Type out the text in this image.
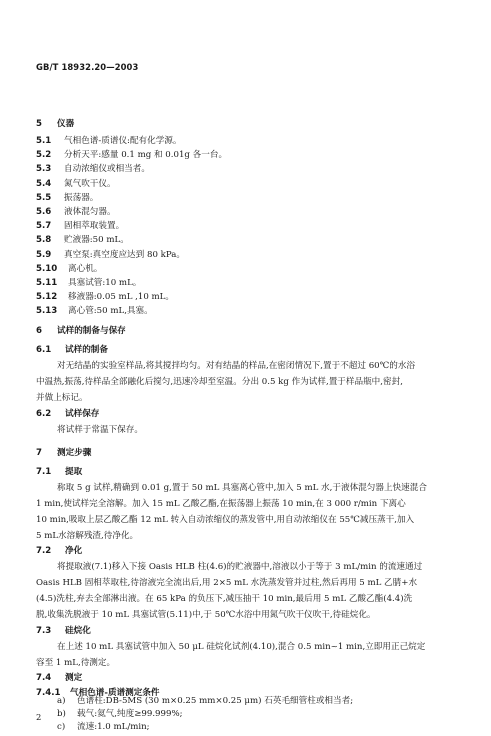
GB/T 18932.20—2003
5 仪器
5.1 气相色谱-质谱仪:配有化学源。
5.2 分析天平:感量 0.1 mg 和 0.01g 各一台。
5.3 自动浓缩仪或相当者。
5.4 氮气吹干仪。
5.5 振荡器。
5.6 液体混匀器。
5.7 固相萃取装置。
5.8 贮液器:50 mL。
5.9 真空泵:真空度应达到 80 kPa。
5.10 离心机。
5.11 具塞试管:10 mL。
5.12 移液器:0.05 mL ,10 mL。
5.13 离心管:50 mL,具塞。
6 试样的制备与保存
6.1 试样的制备
对无结晶的实验室样品,将其搅拌均匀。对有结晶的样品,在密闭情况下,置于不超过 60℃的水浴
中温热,振荡,待样品全部融化后搅匀,迅速冷却至室温。分出 0.5 kg 作为试样,置于样品瓶中,密封,
并做上标记。
6.2 试样保存
将试样于常温下保存。
7 测定步骤
7.1 提取
称取 5 g 试样,精确到 0.01 g,置于 50 mL 具塞离心管中,加入 5 mL 水,于液体混匀器上快速混合
1 min,使试样完全溶解。加入 15 mL 乙酸乙酯,在振荡器上振荡 10 min,在 3 000 r/min 下离心
10 min,吸取上层乙酸乙酯 12 mL 转入自动浓缩仪的蒸发管中,用自动浓缩仪在 55℃减压蒸干,加入
5 mL水溶解残渣,待净化。
7.2 净化
将提取液(7.1)移入下接 Oasis HLB 柱(4.6)的贮液器中,溶液以小于等于 3 mL/min 的流速通过
Oasis HLB 固相萃取柱,待溶液完全流出后,用 2×5 mL 水洗蒸发管并过柱,然后再用 5 mL 乙腈+水
(4.5)洗柱,弃去全部淋出液。在 65 kPa 的负压下,减压抽干 10 min,最后用 5 mL 乙酸乙酯(4.4)洗
脱,收集洗脱液于 10 mL 具塞试管(5.11)中,于 50℃水浴中用氮气吹干仪吹干,待硅烷化。
7.3 硅烷化
在上述 10 mL 具塞试管中加入 50 μL 硅烷化试剂(4.10),混合 0.5 min~1 min,立即用正己烷定
容至 1 mL,待测定。
7.4 测定
7.4.1 气相色谱-质谱测定条件
a) 色谱柱:DB-5MS (30 m×0.25 mm×0.25 μm) 石英毛细管柱或相当者;
b) 载气:氦气,纯度≥99.999%;
c) 流速:1.0 mL/min;
2
